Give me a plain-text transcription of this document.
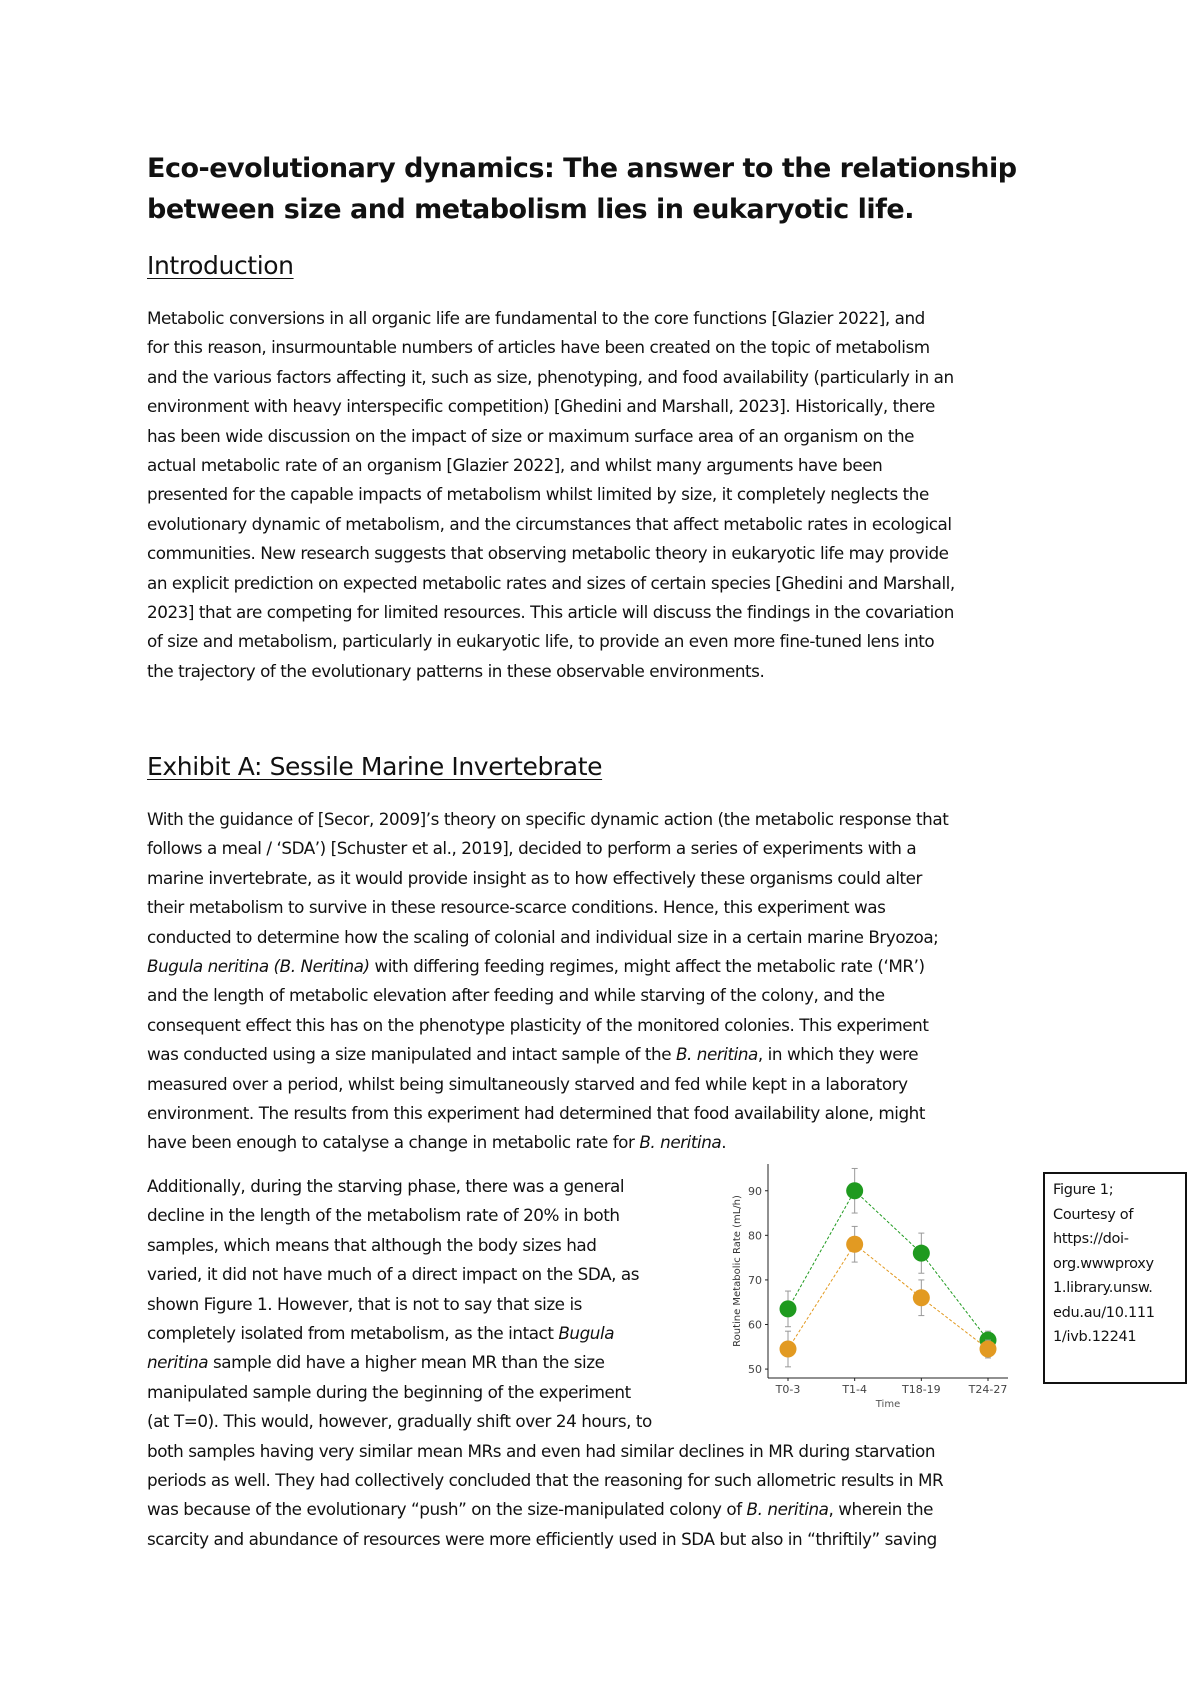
Eco-evolutionary dynamics: The answer to the relationship
between size and metabolism lies in eukaryotic life.
Introduction

Metabolic conversions in all organic life are fundamental to the core functions [Glazier 2022], and
for this reason, insurmountable numbers of articles have been created on the topic of metabolism
and the various factors affecting it, such as size, phenotyping, and food availability (particularly in an
environment with heavy interspecific competition) [Ghedini and Marshall, 2023]. Historically, there
has been wide discussion on the impact of size or maximum surface area of an organism on the
actual metabolic rate of an organism [Glazier 2022], and whilst many arguments have been
presented for the capable impacts of metabolism whilst limited by size, it completely neglects the
evolutionary dynamic of metabolism, and the circumstances that affect metabolic rates in ecological
communities. New research suggests that observing metabolic theory in eukaryotic life may provide
an explicit prediction on expected metabolic rates and sizes of certain species [Ghedini and Marshall,
2023] that are competing for limited resources. This article will discuss the findings in the covariation
of size and metabolism, particularly in eukaryotic life, to provide an even more fine-tuned lens into
the trajectory of the evolutionary patterns in these observable environments.

Exhibit A: Sessile Marine Invertebrate

With the guidance of [Secor, 2009]’s theory on specific dynamic action (the metabolic response that
follows a meal / ‘SDA’) [Schuster et al., 2019], decided to perform a series of experiments with a
marine invertebrate, as it would provide insight as to how effectively these organisms could alter
their metabolism to survive in these resource-scarce conditions. Hence, this experiment was
conducted to determine how the scaling of colonial and individual size in a certain marine Bryozoa;
Bugula neritina (B. Neritina) with differing feeding regimes, might affect the metabolic rate (‘MR’)
and the length of metabolic elevation after feeding and while starving of the colony, and the
consequent effect this has on the phenotype plasticity of the monitored colonies. This experiment
was conducted using a size manipulated and intact sample of the B. neritina, in which they were
measured over a period, whilst being simultaneously starved and fed while kept in a laboratory
environment. The results from this experiment had determined that food availability alone, might
have been enough to catalyse a change in metabolic rate for B. neritina.

Additionally, during the starving phase, there was a general
decline in the length of the metabolism rate of 20% in both
samples, which means that although the body sizes had
varied, it did not have much of a direct impact on the SDA, as
shown Figure 1. However, that is not to say that size is
completely isolated from metabolism, as the intact Bugula
neritina sample did have a higher mean MR than the size
manipulated sample during the beginning of the experiment
(at T=0). This would, however, gradually shift over 24 hours, to
both samples having very similar mean MRs and even had similar declines in MR during starvation
periods as well. They had collectively concluded that the reasoning for such allometric results in MR
was because of the evolutionary “push” on the size-manipulated colony of B. neritina, wherein the
scarcity and abundance of resources were more efficiently used in SDA but also in “thriftily” saving

50
60
70
80
90
T0-3	T1-4	T18-19	T24-27
Time
Routine Metabolic Rate (mL/h)
Figure 1;
Courtesy of
https://doi-
org.wwwproxy
1.library.unsw.
edu.au/10.111
1/ivb.12241
